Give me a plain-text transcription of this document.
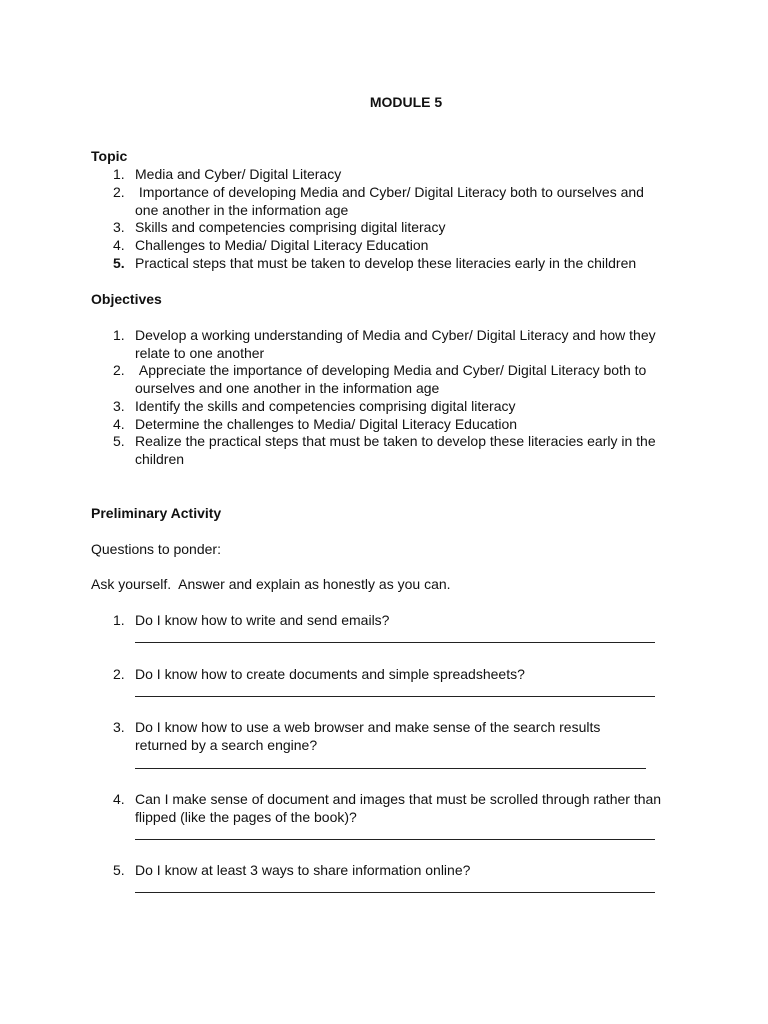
MODULE 5
Topic
1. Media and Cyber/ Digital Literacy
2. Importance of developing Media and Cyber/ Digital Literacy both to ourselves and one another in the information age
3. Skills and competencies comprising digital literacy
4. Challenges to Media/ Digital Literacy Education
5. Practical steps that must be taken to develop these literacies early in the children
Objectives
1. Develop a working understanding of Media and Cyber/ Digital Literacy and how they relate to one another
2. Appreciate the importance of developing Media and Cyber/ Digital Literacy both to ourselves and one another in the information age
3. Identify the skills and competencies comprising digital literacy
4. Determine the challenges to Media/ Digital Literacy Education
5. Realize the practical steps that must be taken to develop these literacies early in the children
Preliminary Activity
Questions to ponder:
Ask yourself.  Answer and explain as honestly as you can.
1. Do I know how to write and send emails?
2. Do I know how to create documents and simple spreadsheets?
3. Do I know how to use a web browser and make sense of the search results returned by a search engine?
4. Can I make sense of document and images that must be scrolled through rather than flipped (like the pages of the book)?
5. Do I know at least 3 ways to share information online?
